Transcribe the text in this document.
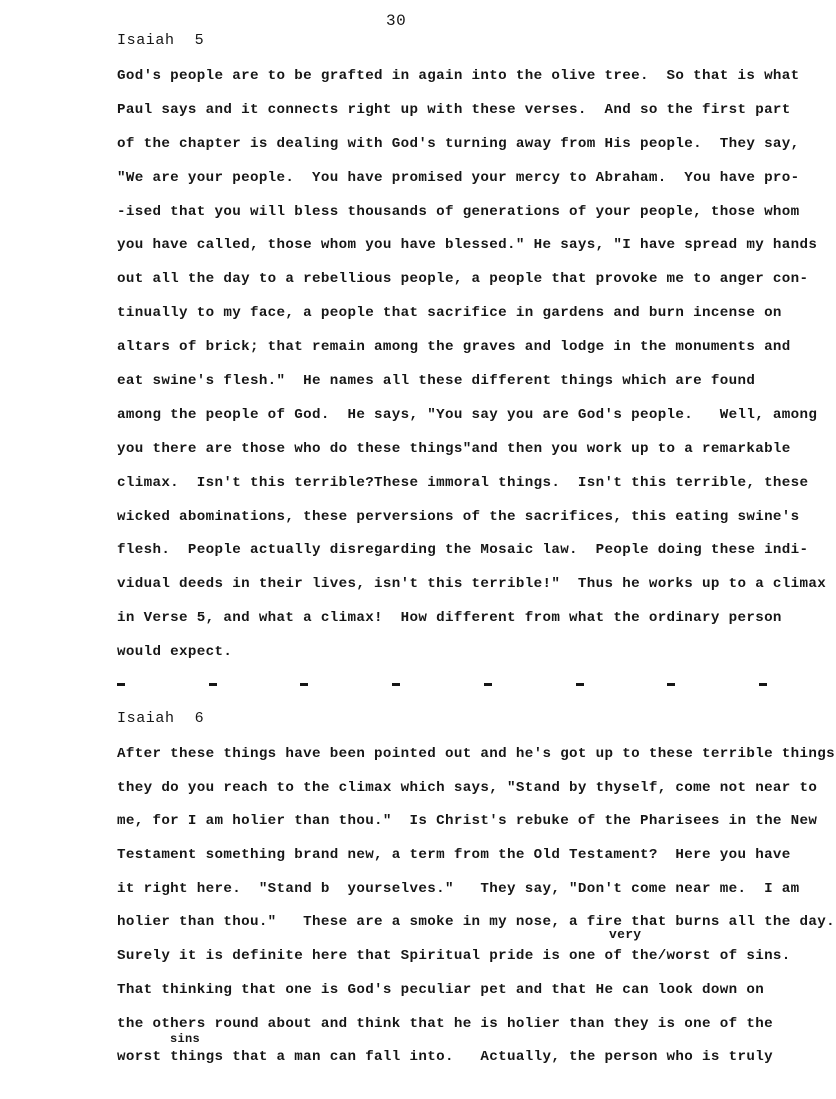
30
Isaiah 5
God's people are to be grafted in again into the olive tree.  So that is what
Paul says and it connects right up with these verses.  And so the first part
of the chapter is dealing with God's turning away from His people.  They say,
"We are your people.  You have promised your mercy to Abraham.  You have pro-
-ised that you will bless thousands of generations of your people, those whom
you have called, those whom you have blessed." He says, "I have spread my hands
out all the day to a rebellious people, a people that provoke me to anger con-
tinually to my face, a people that sacrifice in gardens and burn incense on
altars of brick; that remain among the graves and lodge in the monuments and
eat swine's flesh."  He names all these different things which are found
among the people of God.  He says, "You say you are God's people.   Well, among
you there are those who do these things"and then you work up to a remarkable
climax.  Isn't this terrible?These immoral things.  Isn't this terrible, these
wicked abominations, these perversions of the sacrifices, this eating swine's
flesh.  People actually disregarding the Mosaic law.  People doing these indi-
vidual deeds in their lives, isn't this terrible!"  Thus he works up to a climax
in Verse 5, and what a climax!  How different from what the ordinary person
would expect.
Isaiah 6
After these things have been pointed out and he's got up to these terrible things
they do you reach to the climax which says, "Stand by thyself, come not near to
me, for I am holier than thou."  Is Christ's rebuke of the Pharisees in the New
Testament something brand new, a term from the Old Testament?  Here you have
it right here.  "Stand b  yourselves."   They say, "Don't come near me.  I am
holier than thou."   These are a smoke in my nose, a fire that burns all the day.
Surely it is definite here that Spiritual pride is one of the/worst of sins.
That thinking that one is God's peculiar pet and that He can look down on
the others round about and think that he is holier than they is one of the
worst things that a man can fall into.   Actually, the person who is truly
very
sins
